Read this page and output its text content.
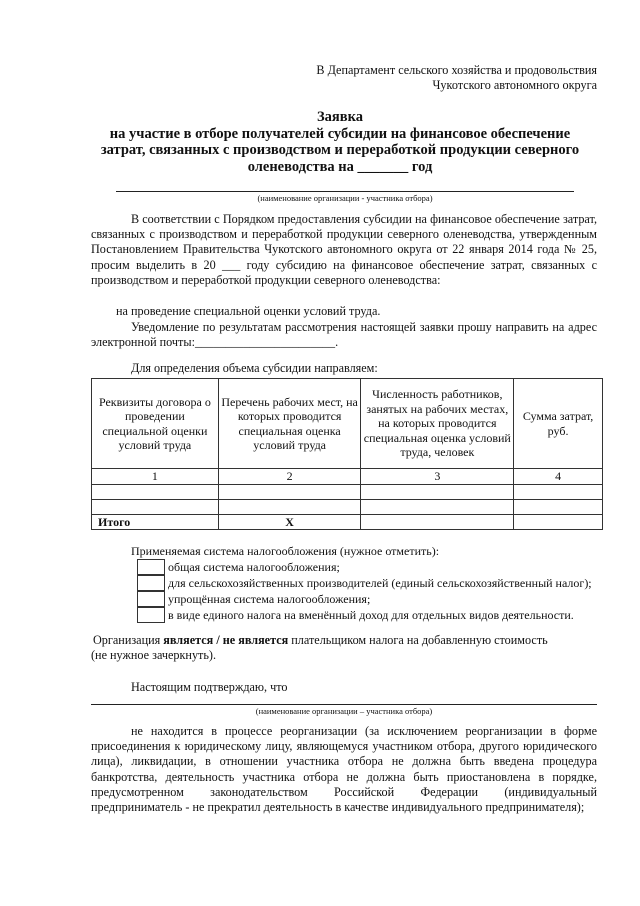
В Департамент сельского хозяйства и продовольствия
Чукотского автономного округа
Заявка
на участие в отборе получателей субсидии на финансовое обеспечение
затрат, связанных с производством и переработкой продукции северного
оленеводства на _______ год
(наименование организации - участника отбора)
В соответствии с Порядком предоставления субсидии на финансовое обеспечение затрат, связанных с производством и переработкой продукции северного оленеводства, утвержденным Постановлением Правительства Чукотского автономного округа от 22 января 2014 года № 25, просим выделить в 20 ___ году субсидию на финансовое обеспечение затрат, связанных с производством и переработкой продукции северного оленеводства:
на проведение специальной оценки условий труда.
Уведомление по результатам рассмотрения настоящей заявки прошу направить на адрес электронной почты:_______________________.
Для определения объема субсидии направляем:
Реквизиты договора о проведении специальной оценки условий труда	Перечень рабочих мест, на которых проводится специальная оценка условий труда	Численность работников, занятых на рабочих местах, на которых проводится специальная оценка условий труда, человек	Сумма затрат, руб.
1	2	3	4

Итого	Х		
Применяемая система налогообложения (нужное отметить):
общая система налогообложения;
для сельскохозяйственных производителей (единый сельскохозяйственный налог);
упрощённая система налогообложения;
в виде единого налога на вменённый доход для отдельных видов деятельности.
Организация является / не является плательщиком налога на добавленную стоимость
(не нужное зачеркнуть).
Настоящим подтверждаю, что
(наименование организации – участника отбора)
не находится в процессе реорганизации (за исключением реорганизации в форме присоединения к юридическому лицу, являющемуся участником отбора, другого юридического лица), ликвидации, в отношении участника отбора не должна быть введена процедура банкротства, деятельность участника отбора не должна быть приостановлена в порядке, предусмотренном законодательством Российской Федерации (индивидуальный предприниматель - не прекратил деятельность в качестве индивидуального предпринимателя);
